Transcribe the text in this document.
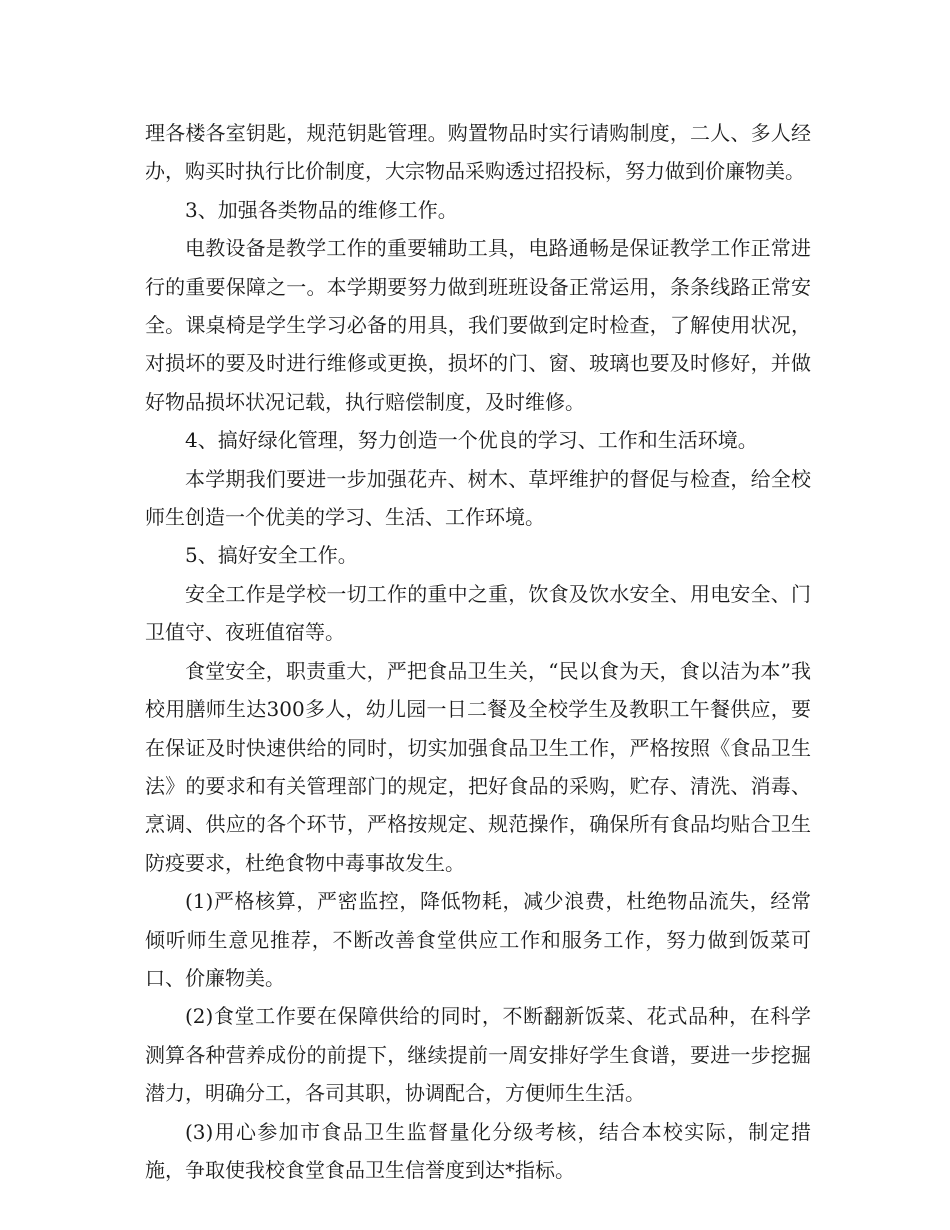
理各楼各室钥匙，规范钥匙管理。购置物品时实行请购制度，二人、多人经办，购买时执行比价制度，大宗物品采购透过招投标，努力做到价廉物美。

3、加强各类物品的维修工作。

电教设备是教学工作的重要辅助工具，电路通畅是保证教学工作正常进行的重要保障之一。本学期要努力做到班班设备正常运用，条条线路正常安全。课桌椅是学生学习必备的用具，我们要做到定时检查，了解使用状况，对损坏的要及时进行维修或更换，损坏的门、窗、玻璃也要及时修好，并做好物品损坏状况记载，执行赔偿制度，及时维修。

4、搞好绿化管理，努力创造一个优良的学习、工作和生活环境。

本学期我们要进一步加强花卉、树木、草坪维护的督促与检查，给全校师生创造一个优美的学习、生活、工作环境。

5、搞好安全工作。

安全工作是学校一切工作的重中之重，饮食及饮水安全、用电安全、门卫值守、夜班值宿等。

食堂安全，职责重大，严把食品卫生关，“民以食为天，食以洁为本”我校用膳师生达300多人，幼儿园一日二餐及全校学生及教职工午餐供应，要在保证及时快速供给的同时，切实加强食品卫生工作，严格按照《食品卫生法》的要求和有关管理部门的规定，把好食品的采购，贮存、清洗、消毒、烹调、供应的各个环节，严格按规定、规范操作，确保所有食品均贴合卫生防疫要求，杜绝食物中毒事故发生。

(1)严格核算，严密监控，降低物耗，减少浪费，杜绝物品流失，经常倾听师生意见推荐，不断改善食堂供应工作和服务工作，努力做到饭菜可口、价廉物美。

(2)食堂工作要在保障供给的同时，不断翻新饭菜、花式品种，在科学测算各种营养成份的前提下，继续提前一周安排好学生食谱，要进一步挖掘潜力，明确分工，各司其职，协调配合，方便师生生活。

(3)用心参加市食品卫生监督量化分级考核，结合本校实际，制定措施，争取使我校食堂食品卫生信誉度到达*指标。
